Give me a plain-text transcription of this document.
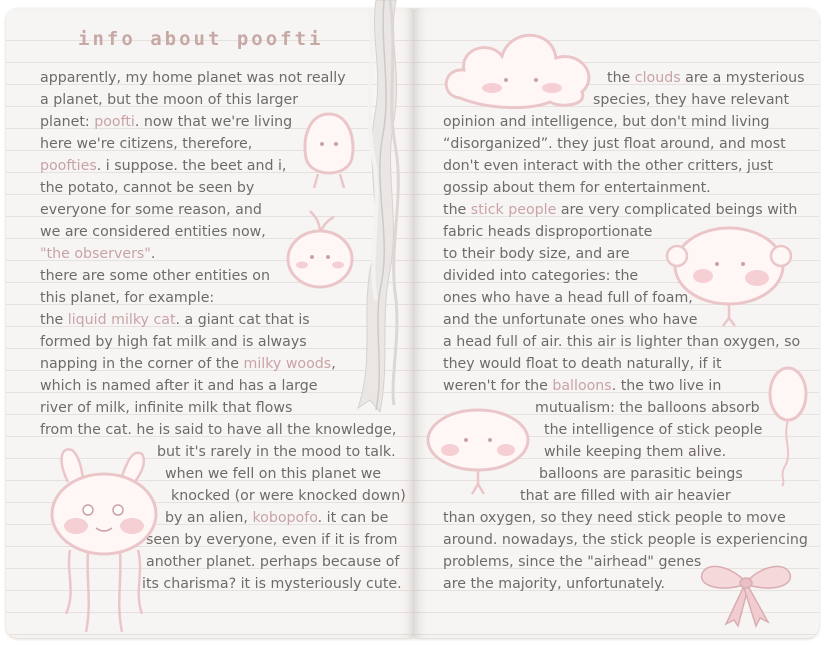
info about poofti

apparently, my home planet was not really

a planet, but the moon of this larger

planet: poofti. now that we're living

here we're citizens, therefore,

poofties. i suppose. the beet and i,

the potato, cannot be seen by

everyone for some reason, and

we are considered entities now,

"the observers".

there are some other entities on

this planet, for example:

the liquid milky cat. a giant cat that is

formed by high fat milk and is always

napping in the corner of the milky woods,

which is named after it and has a large

river of milk, infinite milk that flows

from the cat. he is said to have all the knowledge,

but it's rarely in the mood to talk.

when we fell on this planet we

knocked (or were knocked down)

by an alien, kobopofo. it can be

seen by everyone, even if it is from

another planet. perhaps because of

its charisma? it is mysteriously cute.

the clouds are a mysterious

species, they have relevant

opinion and intelligence, but don't mind living

“disorganized”. they just float around, and most

don't even interact with the other critters, just

gossip about them for entertainment.

the stick people are very complicated beings with

fabric heads disproportionate

to their body size, and are

divided into categories: the

ones who have a head full of foam,

and the unfortunate ones who have

a head full of air. this air is lighter than oxygen, so

they would float to death naturally, if it

weren't for the balloons. the two live in

mutualism: the balloons absorb

the intelligence of stick people

while keeping them alive.

balloons are parasitic beings

that are filled with air heavier

than oxygen, so they need stick people to move

around. nowadays, the stick people is experiencing

problems, since the "airhead" genes

are the majority, unfortunately.
